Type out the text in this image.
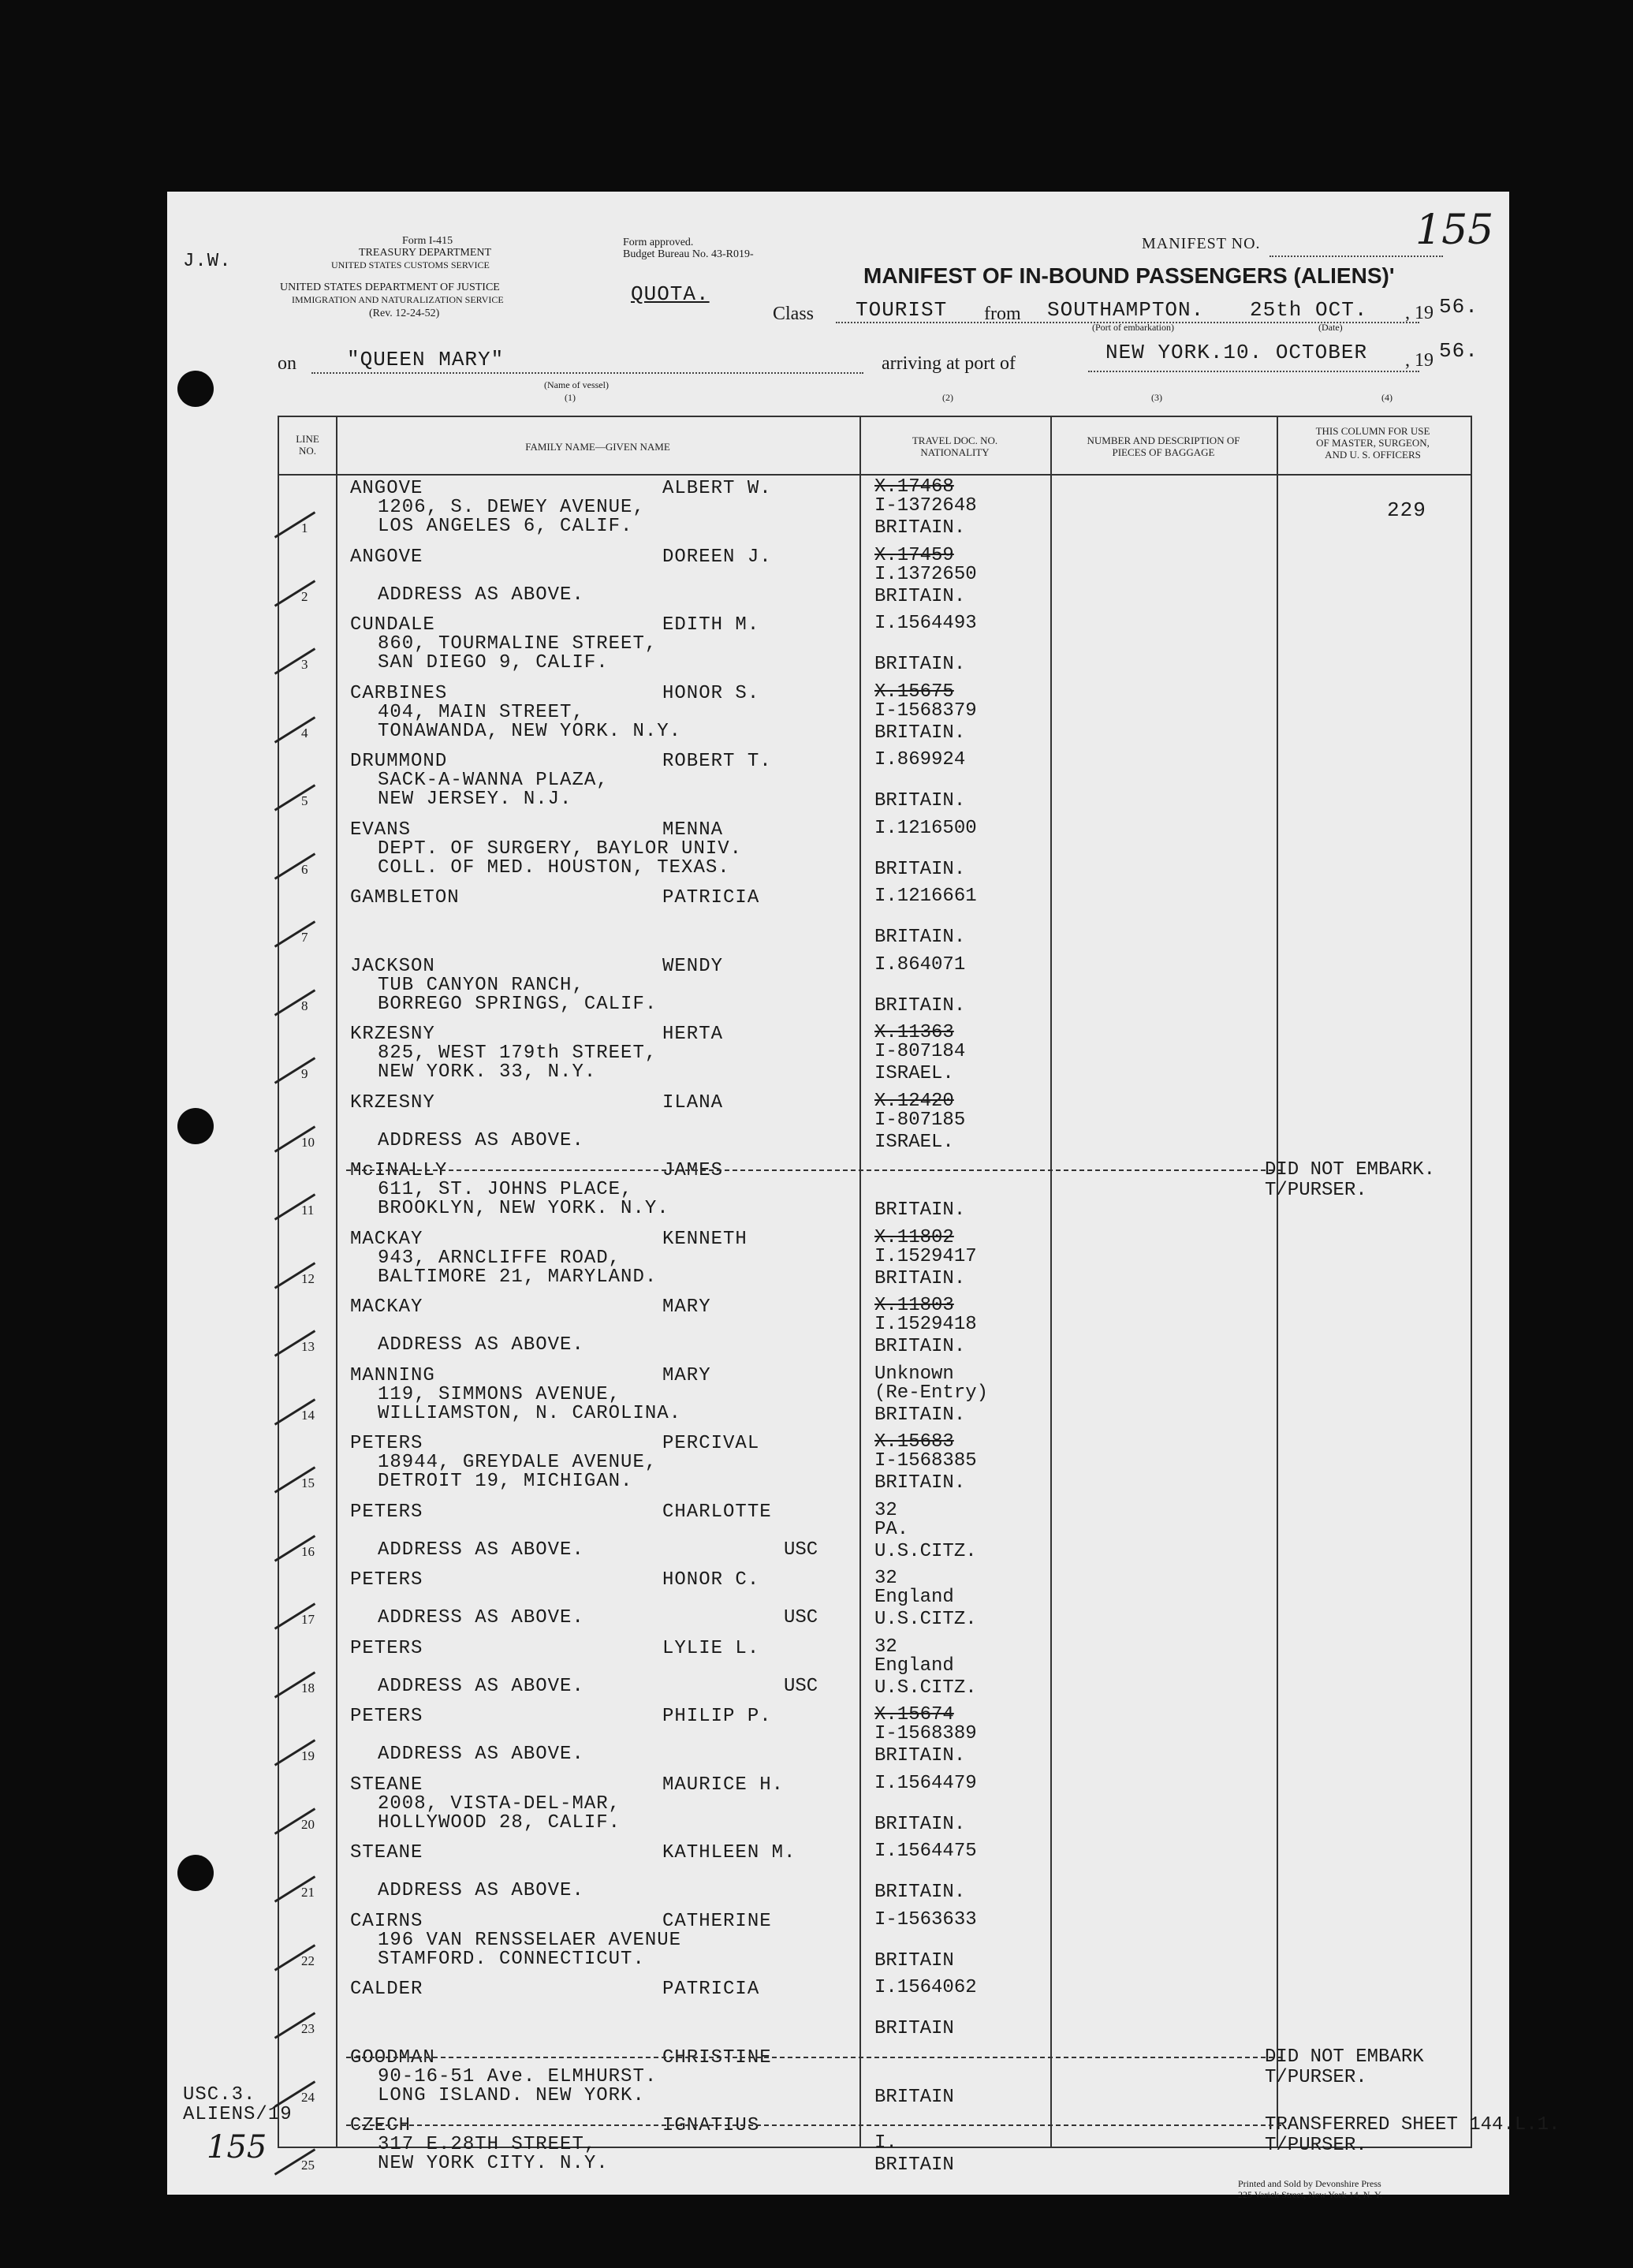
J.W.
USC.3.
ALIENS/19
155
Form I-415
TREASURY DEPARTMENT
UNITED STATES CUSTOMS SERVICE
UNITED STATES DEPARTMENT OF JUSTICE
IMMIGRATION AND NATURALIZATION SERVICE
(Rev. 12-24-52)
Form approved.
Budget Bureau No. 43-R019-
MANIFEST NO.	155
MANIFEST OF IN-BOUND PASSENGERS (ALIENS)'
QUOTA.
Class TOURIST from SOUTHAMPTON.
(Port of embarkation)
25th OCT.
(Date)
, 19 56.
on "QUEEN MARY"
(Name of vessel)
(1)
arriving at port of	NEW YORK.10. OCTOBER , 19 56.
(2)	(3)	(4)
LINE
NO.	FAMILY NAME—GIVEN NAME
TRAVEL DOC. NO.
NATIONALITY
NUMBER AND DESCRIPTION OF
PIECES OF BAGGAGE
THIS COLUMN FOR USE
OF MASTER, SURGEON,
AND U. S. OFFICERS
229
1
ANGOVE	ALBERT W.
1206, S. DEWEY AVENUE,
LOS ANGELES 6, CALIF.
X.17468
I-1372648
BRITAIN.
2
ANGOVE	DOREEN J.
ADDRESS AS ABOVE.
X.17459
I.1372650
BRITAIN.
3
CUNDALE	EDITH M.
860, TOURMALINE STREET,
SAN DIEGO 9, CALIF.
I.1564493
BRITAIN.
4
CARBINES	HONOR S.
404, MAIN STREET,
TONAWANDA, NEW YORK. N.Y.
X.15675
I-1568379
BRITAIN.
5
DRUMMOND	ROBERT T.
SACK-A-WANNA PLAZA,
NEW JERSEY. N.J.
I.869924
BRITAIN.
6
EVANS	MENNA
DEPT. OF SURGERY, BAYLOR UNIV.
COLL. OF MED. HOUSTON, TEXAS.
I.1216500
BRITAIN.
7
GAMBLETON	PATRICIA	I.1216661
BRITAIN.
8
JACKSON	WENDY
TUB CANYON RANCH,
BORREGO SPRINGS, CALIF.
I.864071
BRITAIN.
9
KRZESNY	HERTA
825, WEST 179th STREET,
NEW YORK. 33, N.Y.
X.11363
I-807184
ISRAEL.
10
KRZESNY	ILANA
ADDRESS AS ABOVE.
X.12420
I-807185
ISRAEL.
11
McINALLY	JAMES
611, ST. JOHNS PLACE,
BROOKLYN, NEW YORK. N.Y.	BRITAIN.
DID NOT EMBARK.
T/PURSER.
12
MACKAY	KENNETH
943, ARNCLIFFE ROAD,
BALTIMORE 21, MARYLAND.
X.11802
I.1529417
BRITAIN.
13
MACKAY	MARY
ADDRESS AS ABOVE.
X.11803
I.1529418
BRITAIN.
14
MANNING	MARY
119, SIMMONS AVENUE,
WILLIAMSTON, N. CAROLINA.
Unknown
(Re-Entry)
BRITAIN.
15
PETERS	PERCIVAL
18944, GREYDALE AVENUE,
DETROIT 19, MICHIGAN.
X.15683
I-1568385
BRITAIN.
16
PETERS	CHARLOTTE
ADDRESS AS ABOVE.	USC
32
PA.
U.S.CITZ.
17
PETERS	HONOR C.
ADDRESS AS ABOVE.	USC
32
England
U.S.CITZ.
18
PETERS	LYLIE L.
ADDRESS AS ABOVE.	USC
32
England
U.S.CITZ.
19
PETERS	PHILIP P.
ADDRESS AS ABOVE.
X.15674
I-1568389
BRITAIN.
20
STEANE	MAURICE H.
2008, VISTA-DEL-MAR,
HOLLYWOOD 28, CALIF.
I.1564479
BRITAIN.
21
STEANE	KATHLEEN M.
ADDRESS AS ABOVE.
I.1564475
BRITAIN.
22
CAIRNS	CATHERINE
196 VAN RENSSELAER AVENUE
STAMFORD. CONNECTICUT.
I-1563633
BRITAIN
23
CALDER	PATRICIA	I.1564062
BRITAIN
24
GOODMAN	CHRISTINE
90-16-51 Ave. ELMHURST.
LONG ISLAND. NEW YORK.	BRITAIN
DID NOT EMBARK
T/PURSER.
25
CZECH	IGNATIUS
317 E.28TH STREET,
NEW YORK CITY. N.Y.
I.
BRITAIN
TRANSFERRED SHEET 144.L.1.
T/PURSER.
Printed and Sold by Devonshire Press
225 Varick Street, New York 14, N. Y.
